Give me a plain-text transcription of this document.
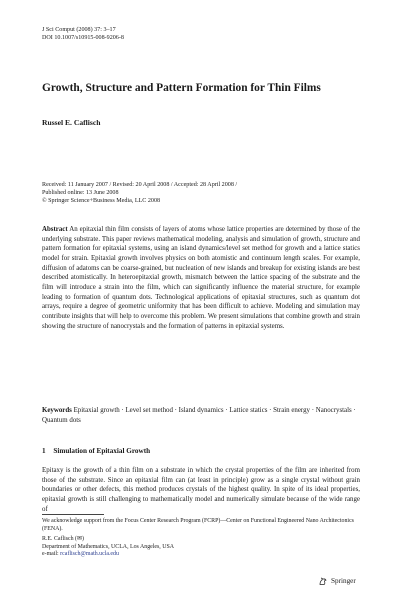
J Sci Comput (2008) 37: 3–17
DOI 10.1007/s10915-008-9206-8
Growth, Structure and Pattern Formation for Thin Films
Russel E. Caflisch
Received: 11 January 2007 / Revised: 20 April 2008 / Accepted: 28 April 2008 /
Published online: 13 June 2008
© Springer Science+Business Media, LLC 2008
Abstract An epitaxial thin film consists of layers of atoms whose lattice properties are determined by those of the underlying substrate. This paper reviews mathematical modeling, analysis and simulation of growth, structure and pattern formation for epitaxial systems, using an island dynamics/level set method for growth and a lattice statics model for strain. Epitaxial growth involves physics on both atomistic and continuum length scales. For example, diffusion of adatoms can be coarse-grained, but nucleation of new islands and breakup for existing islands are best described atomistically. In heteroepitaxial growth, mismatch between the lattice spacing of the substrate and the film will introduce a strain into the film, which can significantly influence the material structure, for example leading to formation of quantum dots. Technological applications of epitaxial structures, such as quantum dot arrays, require a degree of geometric uniformity that has been difficult to achieve. Modeling and simulation may contribute insights that will help to overcome this problem. We present simulations that combine growth and strain showing the structure of nanocrystals and the formation of patterns in epitaxial systems.
Keywords Epitaxial growth · Level set method · Island dynamics · Lattice statics · Strain energy · Nanocrystals · Quantum dots
1 Simulation of Epitaxial Growth
Epitaxy is the growth of a thin film on a substrate in which the crystal properties of the film are inherited from those of the substrate. Since an epitaxial film can (at least in principle) grow as a single crystal without grain boundaries or other defects, this method produces crystals of the highest quality. In spite of its ideal properties, epitaxial growth is still challenging to mathematically model and numerically simulate because of the wide range of
We acknowledge support from the Focus Center Research Program (FCRP)—Center on Functional Engineered Nano Architectonics (FENA).
R.E. Caflisch (✉)
Department of Mathematics, UCLA, Los Angeles, USA
e-mail: rcaflisch@math.ucla.edu
Springer
